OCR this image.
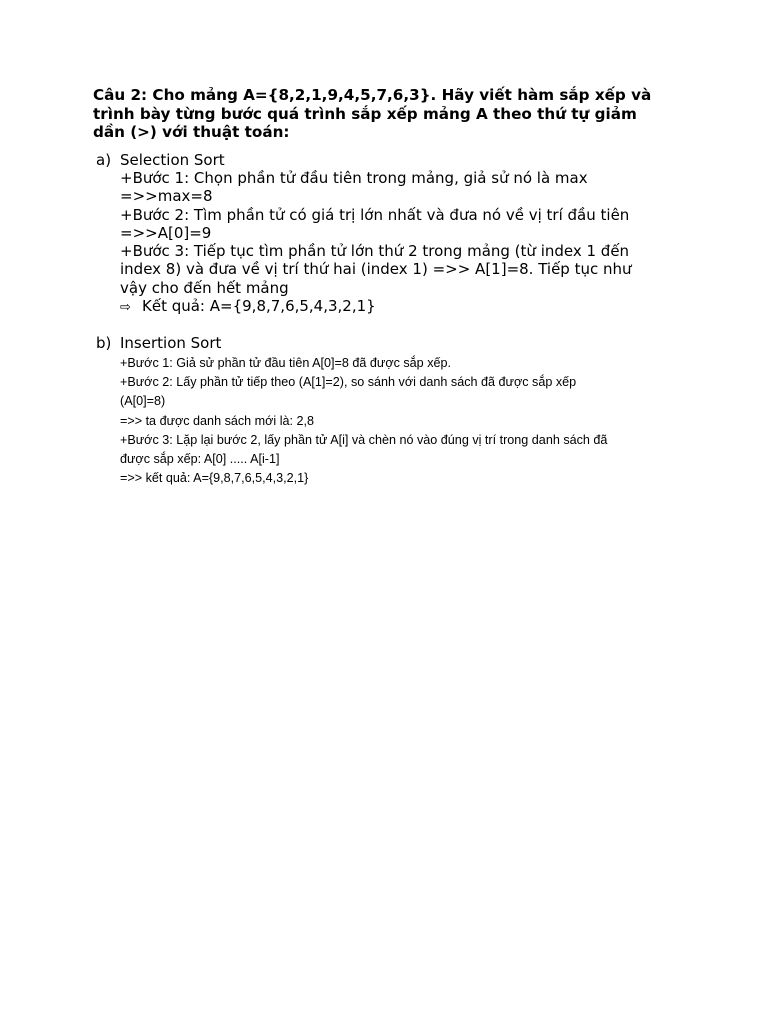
Câu 2: Cho mảng A={8,2,1,9,4,5,7,6,3}. Hãy viết hàm sắp xếp và
trình bày từng bước quá trình sắp xếp mảng A theo thứ tự giảm
dần (>) với thuật toán:
a) Selection Sort
+Bước 1: Chọn phần tử đầu tiên trong mảng, giả sử nó là max
=>>max=8
+Bước 2: Tìm phần tử có giá trị lớn nhất và đưa nó về vị trí đầu tiên
=>>A[0]=9
+Bước 3: Tiếp tục tìm phần tử lớn thứ 2 trong mảng (từ index 1 đến
index 8) và đưa về vị trí thứ hai (index 1) =>> A[1]=8. Tiếp tục như
vậy cho đến hết mảng
⇨ Kết quả: A={9,8,7,6,5,4,3,2,1}
b) Insertion Sort
+Bước 1: Giả sử phần tử đầu tiên A[0]=8 đã được sắp xếp.
+Bước 2: Lấy phần tử tiếp theo (A[1]=2), so sánh với danh sách đã được sắp xếp
(A[0]=8)
=>> ta được danh sách mới là: 2,8
+Bước 3: Lặp lại bước 2, lấy phần tử A[i] và chèn nó vào đúng vị trí trong danh sách đã
được sắp xếp: A[0] ..... A[i-1]
=>> kết quả: A={9,8,7,6,5,4,3,2,1}
